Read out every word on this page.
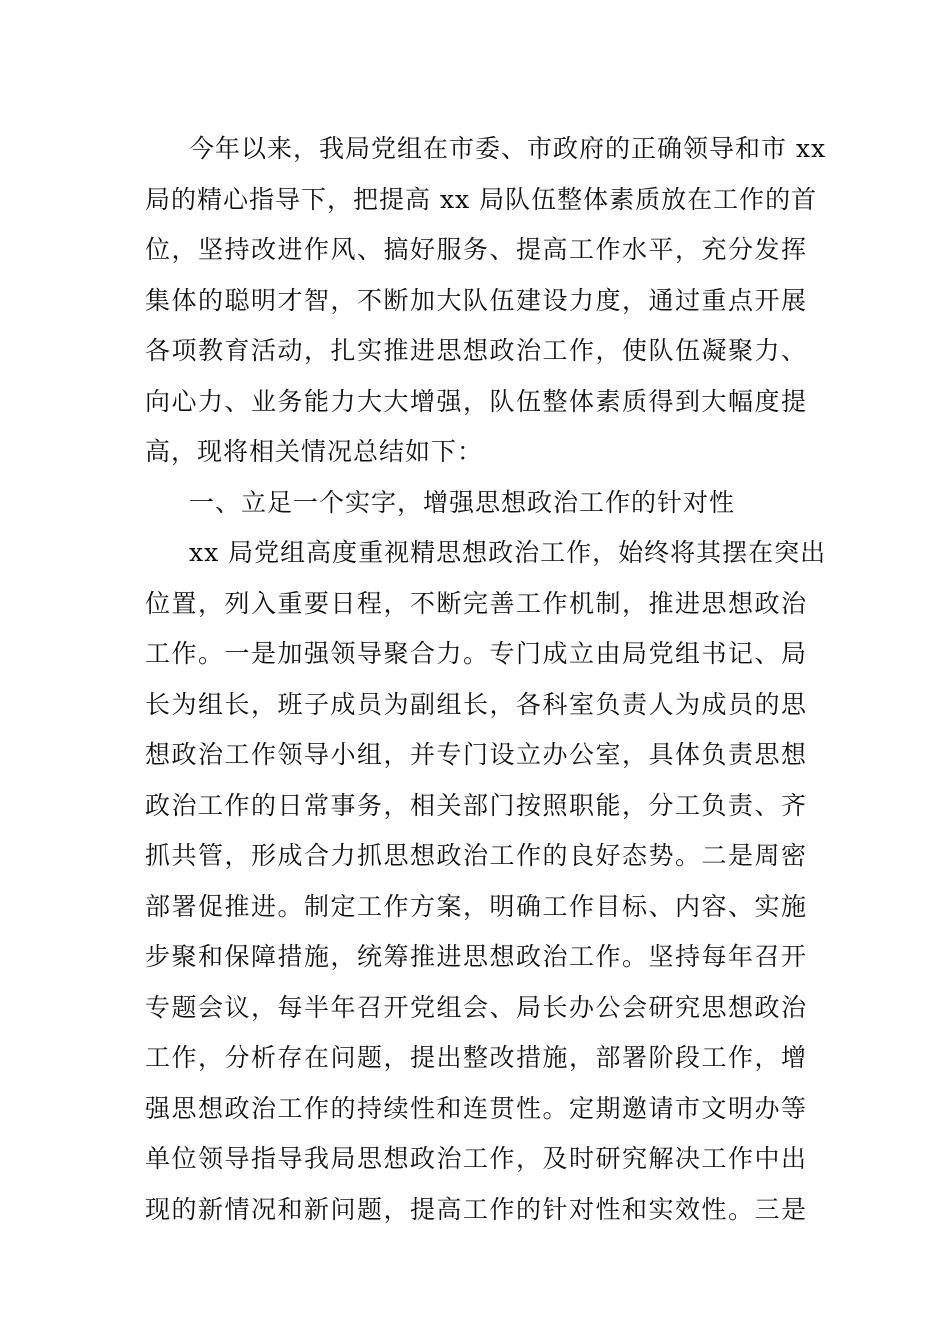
今年以来，我局党组在市委、市政府的正确领导和市 xx
局的精心指导下，把提高 xx 局队伍整体素质放在工作的首
位，坚持改进作风、搞好服务、提高工作水平，充分发挥
集体的聪明才智，不断加大队伍建设力度，通过重点开展
各项教育活动，扎实推进思想政治工作，使队伍凝聚力、
向心力、业务能力大大增强，队伍整体素质得到大幅度提
高，现将相关情况总结如下：
一、立足一个实字，增强思想政治工作的针对性
xx 局党组高度重视精思想政治工作，始终将其摆在突出
位置，列入重要日程，不断完善工作机制，推进思想政治
工作。一是加强领导聚合力。专门成立由局党组书记、局
长为组长，班子成员为副组长，各科室负责人为成员的思
想政治工作领导小组，并专门设立办公室，具体负责思想
政治工作的日常事务，相关部门按照职能，分工负责、齐
抓共管，形成合力抓思想政治工作的良好态势。二是周密
部署促推进。制定工作方案，明确工作目标、内容、实施
步聚和保障措施，统筹推进思想政治工作。坚持每年召开
专题会议，每半年召开党组会、局长办公会研究思想政治
工作，分析存在问题，提出整改措施，部署阶段工作，增
强思想政治工作的持续性和连贯性。定期邀请市文明办等
单位领导指导我局思想政治工作，及时研究解决工作中出
现的新情况和新问题，提高工作的针对性和实效性。三是
